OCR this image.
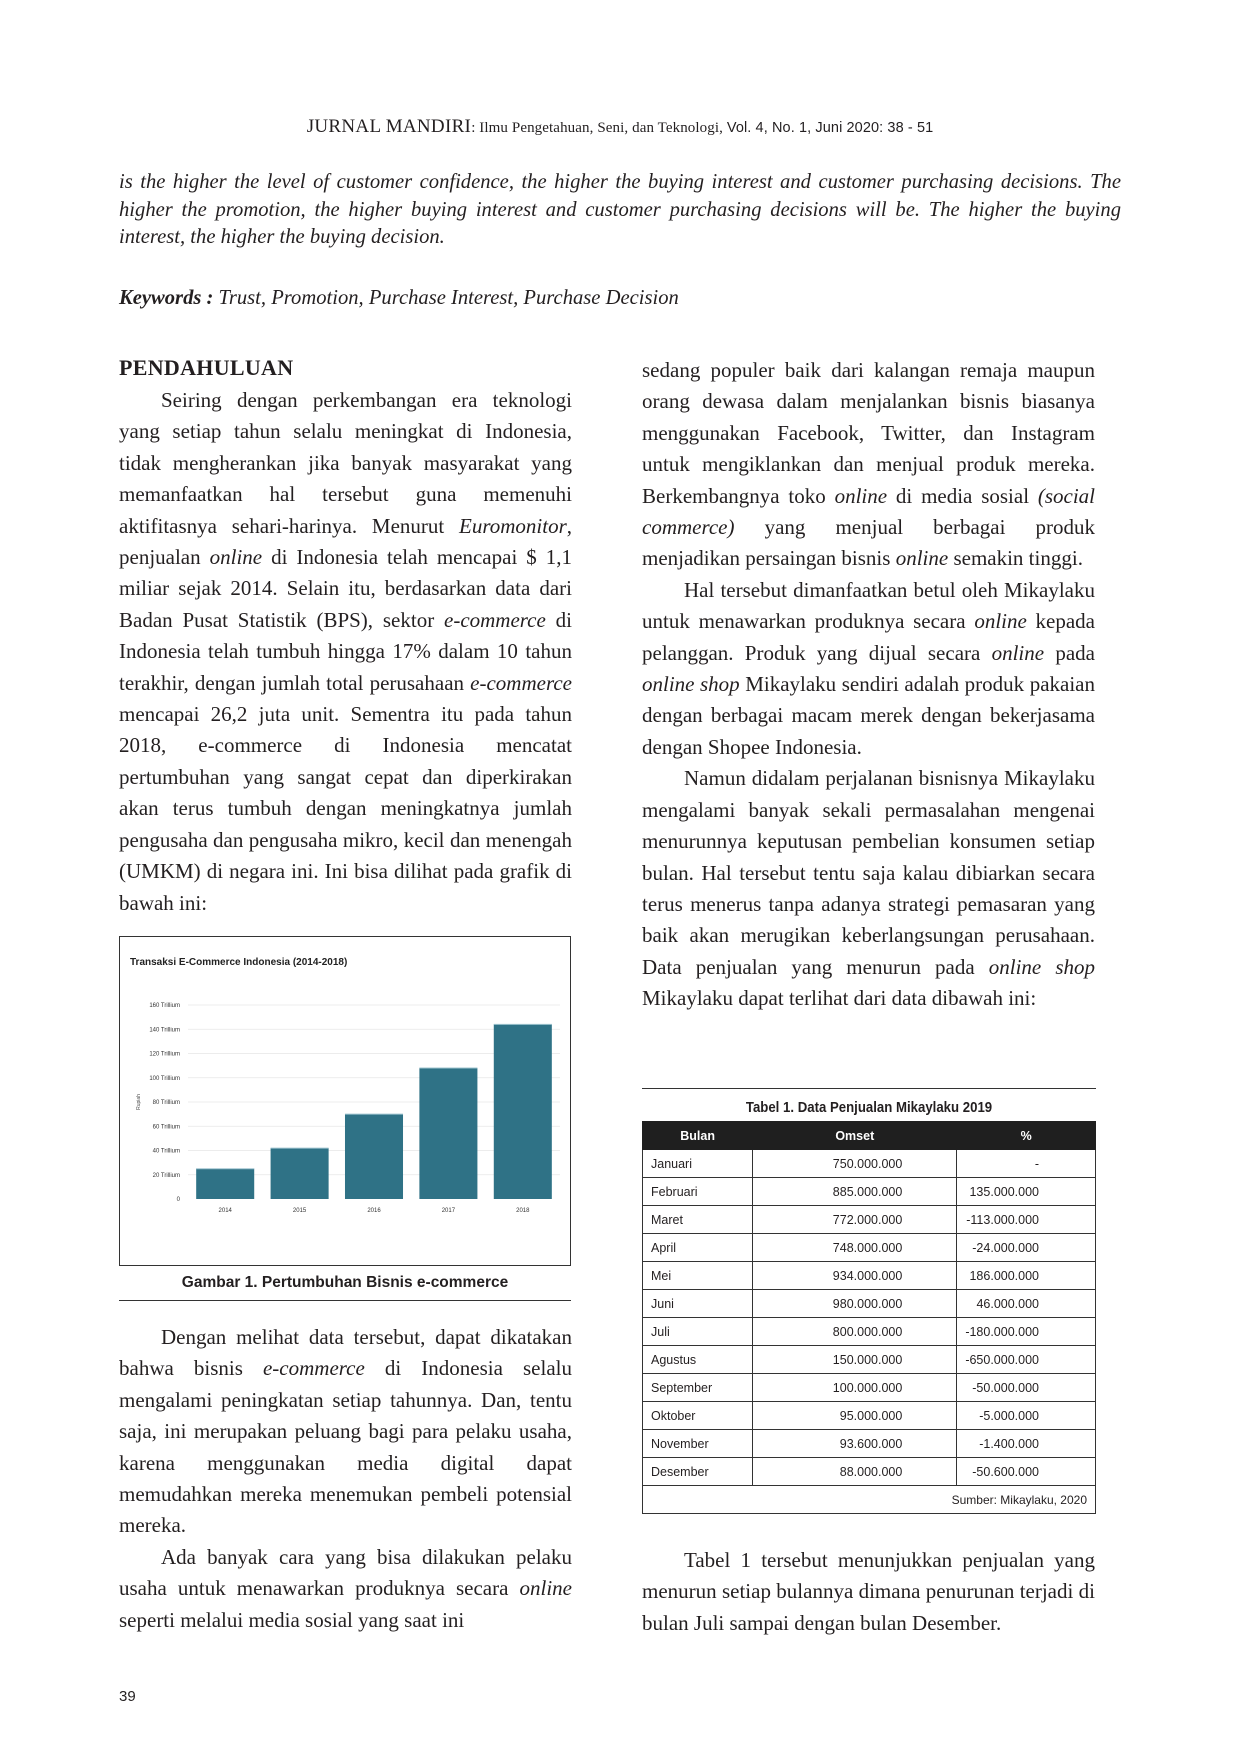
JURNAL MANDIRI: Ilmu Pengetahuan, Seni, dan Teknologi, Vol. 4, No. 1, Juni 2020: 38 - 51

is the higher the level of customer confidence, the higher the buying interest and customer purchasing decisions. The higher the promotion, the higher buying interest and customer purchasing decisions will be. The higher the buying interest, the higher the buying decision.

Keywords : Trust, Promotion, Purchase Interest, Purchase Decision

PENDAHULUAN

Seiring dengan perkembangan era teknologi yang setiap tahun selalu meningkat di Indonesia, tidak mengherankan jika banyak masyarakat yang memanfaatkan hal tersebut guna memenuhi aktifitasnya sehari-harinya. Menurut Euromonitor, penjualan online di Indonesia telah mencapai $ 1,1 miliar sejak 2014. Selain itu, berdasarkan data dari Badan Pusat Statistik (BPS), sektor e-commerce di Indonesia telah tumbuh hingga 17% dalam 10 tahun terakhir, dengan jumlah total perusahaan e-commerce mencapai 26,2 juta unit. Sementra itu pada tahun 2018, e-commerce di Indonesia mencatat pertumbuhan yang sangat cepat dan diperkirakan akan terus tumbuh dengan meningkatnya jumlah pengusaha dan pengusaha mikro, kecil dan menengah (UMKM) di negara ini. Ini bisa dilihat pada grafik di bawah ini:

Transaksi E-Commerce Indonesia (2014-2018)
Rupiah
0
20 Trillium
40 Trillium
60 Trillium
80 Trillium
100 Trillium
120 Trillium
140 Trillium
160 Trillium
2014	2015	2016	2017	2018
Gambar 1. Pertumbuhan Bisnis e-commerce

Dengan melihat data tersebut, dapat dikatakan bahwa bisnis e-commerce di Indonesia selalu mengalami peningkatan setiap tahunnya. Dan, tentu saja, ini merupakan peluang bagi para pelaku usaha, karena menggunakan media digital dapat memudahkan mereka menemukan pembeli potensial mereka.

Ada banyak cara yang bisa dilakukan pelaku usaha untuk menawarkan produknya secara online seperti melalui media sosial yang saat ini

sedang populer baik dari kalangan remaja maupun orang dewasa dalam menjalankan bisnis biasanya menggunakan Facebook, Twitter, dan Instagram untuk mengiklankan dan menjual produk mereka. Berkembangnya toko online di media sosial (social commerce) yang menjual berbagai produk menjadikan persaingan bisnis online semakin tinggi.

Hal tersebut dimanfaatkan betul oleh Mikaylaku untuk menawarkan produknya secara online kepada pelanggan. Produk yang dijual secara online pada online shop Mikaylaku sendiri adalah produk pakaian dengan berbagai macam merek dengan bekerjasama dengan Shopee Indonesia.

Namun didalam perjalanan bisnisnya Mikaylaku mengalami banyak sekali permasalahan mengenai menurunnya keputusan pembelian konsumen setiap bulan. Hal tersebut tentu saja kalau dibiarkan secara terus menerus tanpa adanya strategi pemasaran yang baik akan merugikan keberlangsungan perusahaan. Data penjualan yang menurun pada online shop Mikaylaku dapat terlihat dari data dibawah ini:

Tabel 1. Data Penjualan Mikaylaku 2019
Bulan	Omset	%
Januari	750.000.000	-
Februari	885.000.000	135.000.000
Maret	772.000.000	-113.000.000
April	748.000.000	-24.000.000
Mei	934.000.000	186.000.000
Juni	980.000.000	46.000.000
Juli	800.000.000	-180.000.000
Agustus	150.000.000	-650.000.000
September	100.000.000	-50.000.000
Oktober	95.000.000	-5.000.000
November	93.600.000	-1.400.000
Desember	88.000.000	-50.600.000
Sumber: Mikaylaku, 2020		

Tabel 1 tersebut menunjukkan penjualan yang menurun setiap bulannya dimana penurunan terjadi di bulan Juli sampai dengan bulan Desember.

39
